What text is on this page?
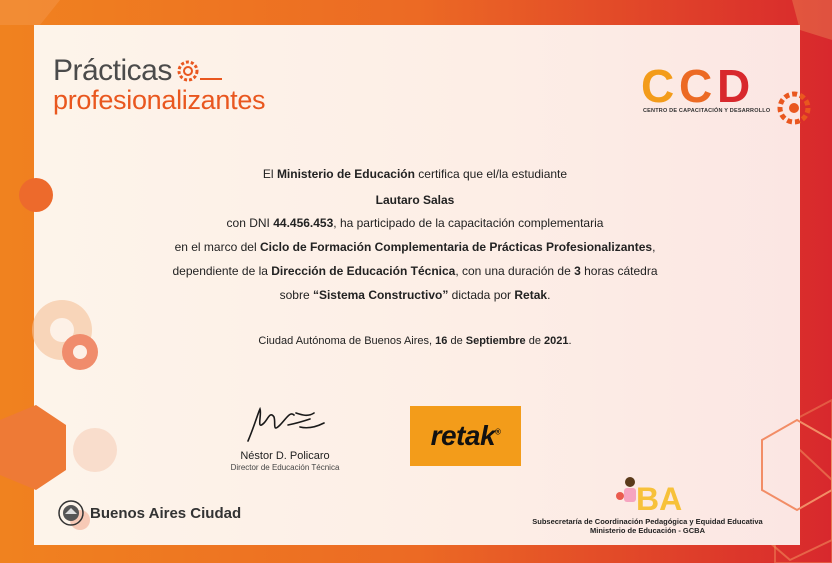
Prácticas
profesionalizantes	C C D
CENTRO DE CAPACITACIÓN Y DESARROLLO
El Ministerio de Educación certifica que el/la estudiante
Lautaro Salas
con DNI 44.456.453, ha participado de la capacitación complementaria
en el marco del Ciclo de Formación Complementaria de Prácticas Profesionalizantes,
dependiente de la Dirección de Educación Técnica, con una duración de 3 horas cátedra
sobre “Sistema Constructivo” dictada por Retak.
Ciudad Autónoma de Buenos Aires, 16 de Septiembre de 2021.
Néstor D. Policaro
Director de Educación Técnica
retak®
Buenos Aires Ciudad	BA
Subsecretaría de Coordinación Pedagógica y Equidad Educativa
Ministerio de Educación - GCBA
